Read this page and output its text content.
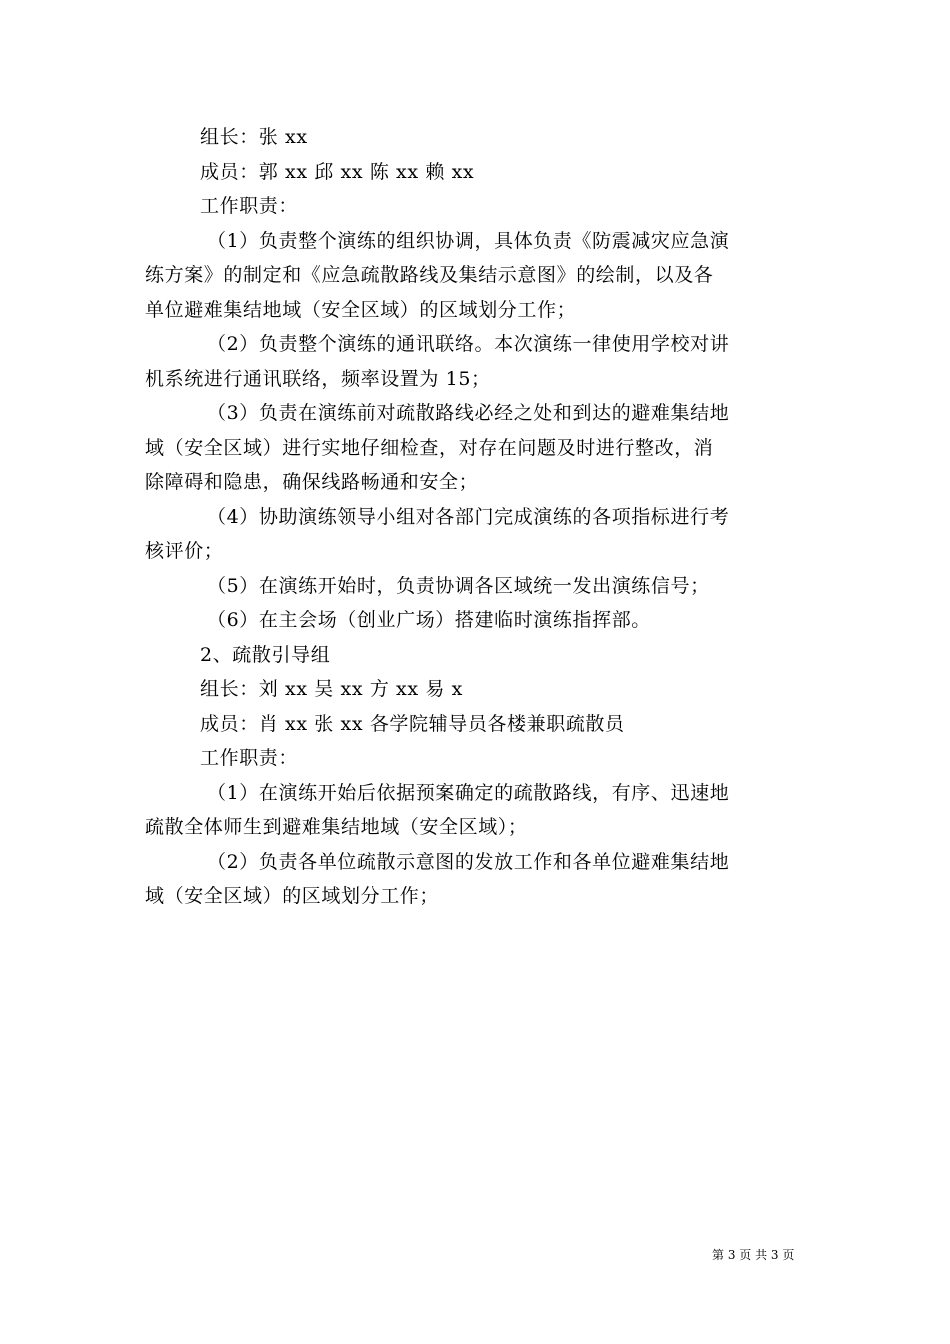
组长：张 xx
成员：郭 xx 邱 xx 陈 xx 赖 xx
工作职责：
（1）负责整个演练的组织协调，具体负责《防震减灾应急演
练方案》的制定和《应急疏散路线及集结示意图》的绘制，以及各
单位避难集结地域（安全区域）的区域划分工作；
（2）负责整个演练的通讯联络。本次演练一律使用学校对讲
机系统进行通讯联络，频率设置为 15；
（3）负责在演练前对疏散路线必经之处和到达的避难集结地
域（安全区域）进行实地仔细检查，对存在问题及时进行整改，消
除障碍和隐患，确保线路畅通和安全；
（4）协助演练领导小组对各部门完成演练的各项指标进行考
核评价；
（5）在演练开始时，负责协调各区域统一发出演练信号；
（6）在主会场（创业广场）搭建临时演练指挥部。
2、疏散引导组
组长：刘 xx 吴 xx 方 xx 易 x
成员：肖 xx 张 xx 各学院辅导员各楼兼职疏散员
工作职责：
（1）在演练开始后依据预案确定的疏散路线，有序、迅速地
疏散全体师生到避难集结地域（安全区域）；
（2）负责各单位疏散示意图的发放工作和各单位避难集结地
域（安全区域）的区域划分工作；
第 3 页 共 3 页
